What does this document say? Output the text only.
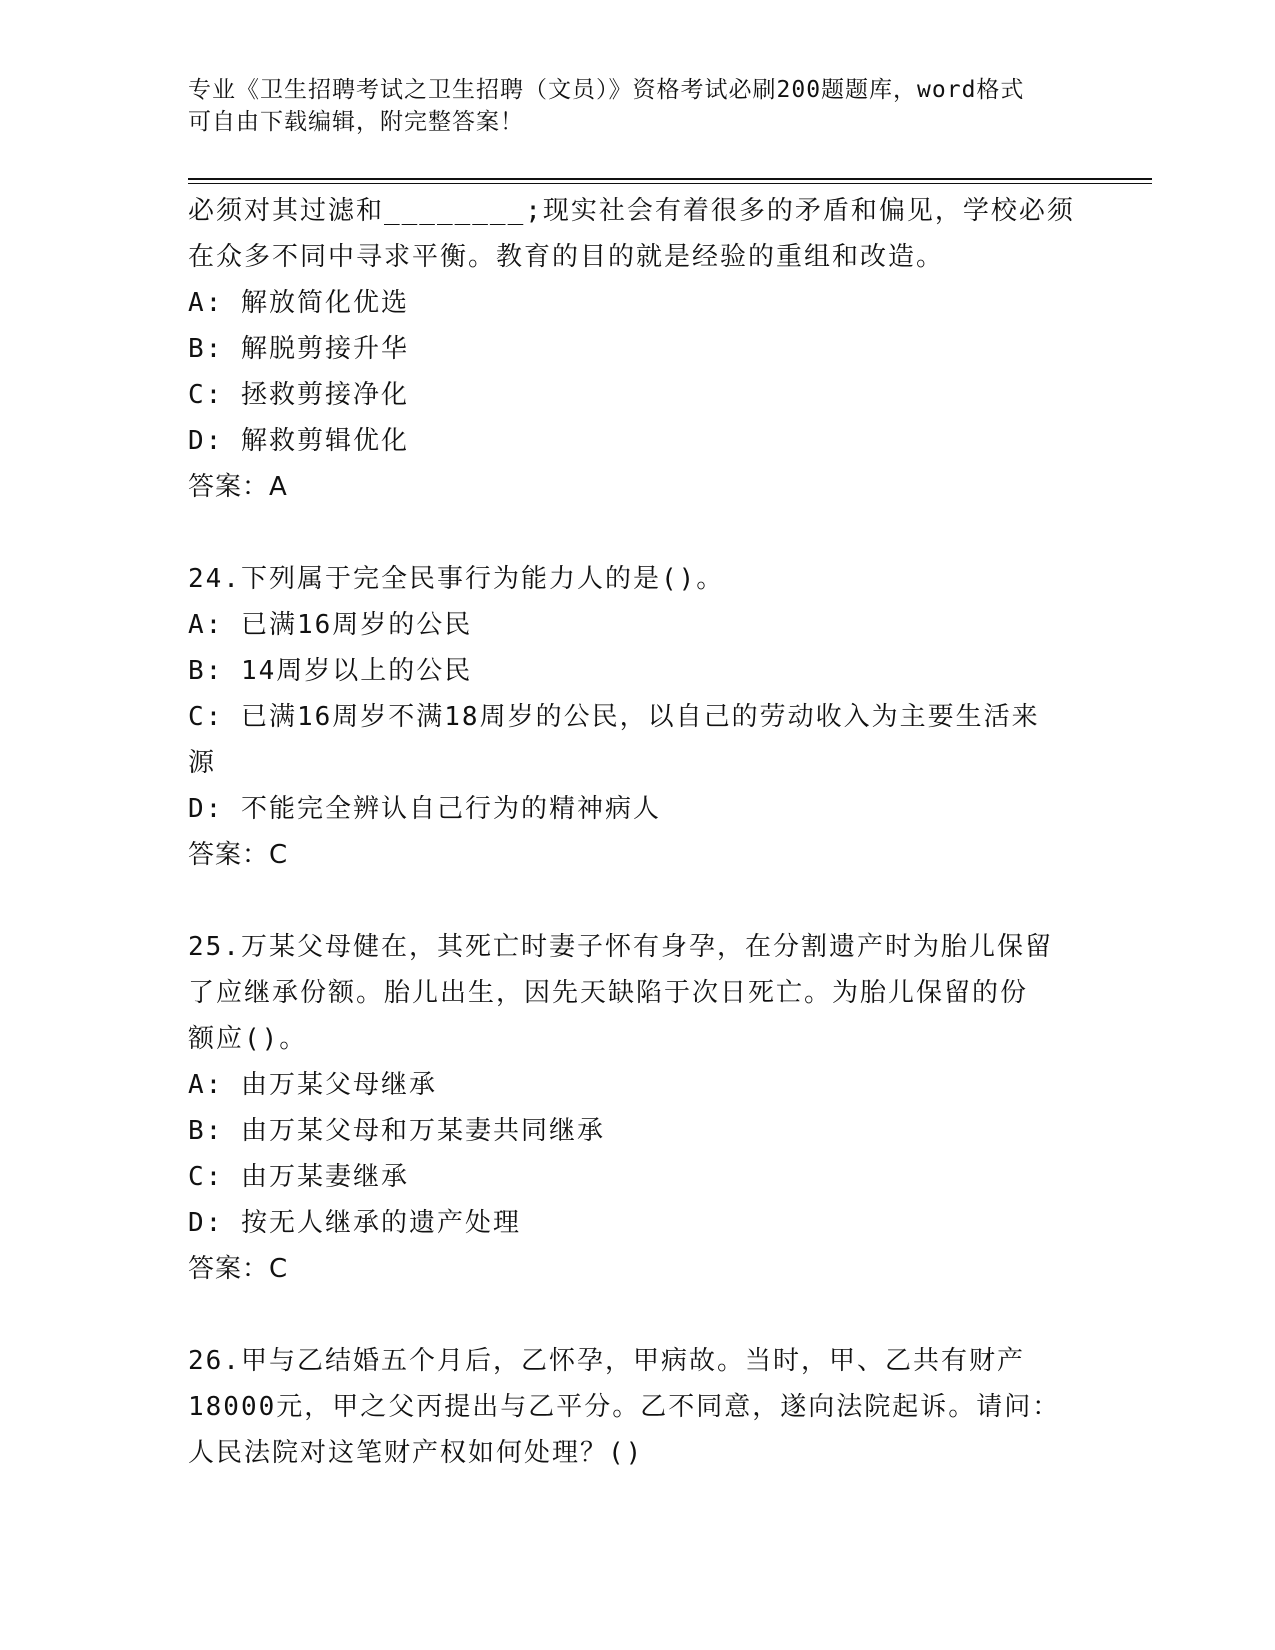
专业《卫生招聘考试之卫生招聘（文员）》资格考试必刷200题题库，word格式
可自由下载编辑，附完整答案！
必须对其过滤和________;现实社会有着很多的矛盾和偏见，学校必须
在众多不同中寻求平衡。教育的目的就是经验的重组和改造。
A: 解放简化优选
B: 解脱剪接升华
C: 拯救剪接净化
D: 解救剪辑优化
答案：A
24.下列属于完全民事行为能力人的是()。
A: 已满16周岁的公民
B: 14周岁以上的公民
C: 已满16周岁不满18周岁的公民，以自己的劳动收入为主要生活来
源
D: 不能完全辨认自己行为的精神病人
答案：C
25.万某父母健在，其死亡时妻子怀有身孕，在分割遗产时为胎儿保留
了应继承份额。胎儿出生，因先天缺陷于次日死亡。为胎儿保留的份
额应()。
A: 由万某父母继承
B: 由万某父母和万某妻共同继承
C: 由万某妻继承
D: 按无人继承的遗产处理
答案：C
26.甲与乙结婚五个月后，乙怀孕，甲病故。当时，甲、乙共有财产
18000元，甲之父丙提出与乙平分。乙不同意，遂向法院起诉。请问：
人民法院对这笔财产权如何处理？()
